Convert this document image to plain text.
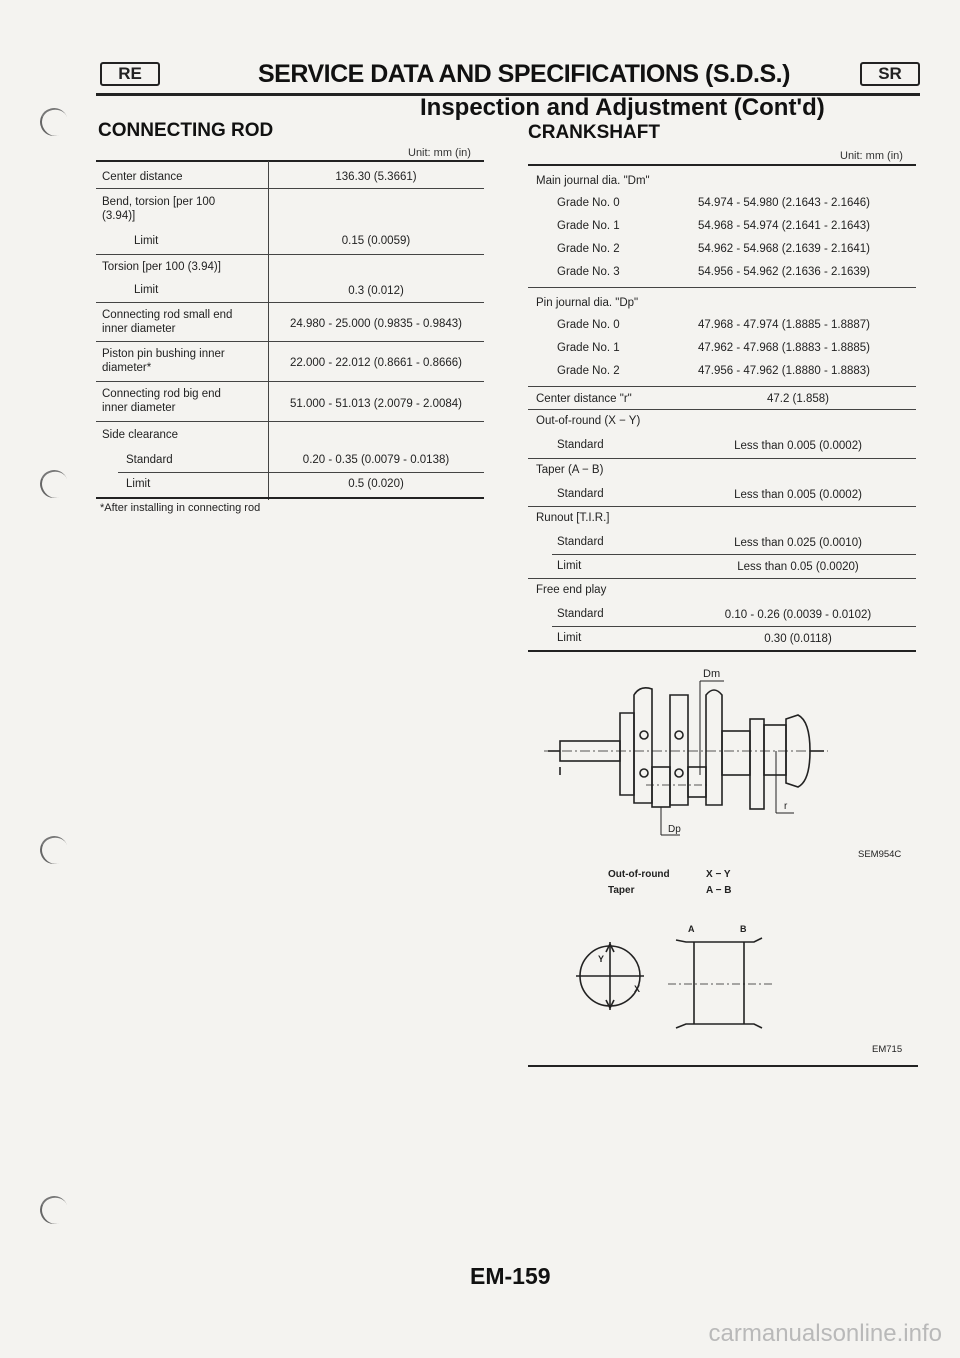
RE	SERVICE DATA AND SPECIFICATIONS (S.D.S.)	SR
Inspection and Adjustment (Cont'd)
CONNECTING ROD
Unit: mm (in)
Center distance	136.30 (5.3661)
Bend, torsion [per 100
(3.94)]
Limit	0.15 (0.0059)
Torsion [per 100 (3.94)]
Limit	0.3 (0.012)
Connecting rod small end
inner diameter	24.980 - 25.000 (0.9835 - 0.9843)
Piston pin bushing inner
diameter*	22.000 - 22.012 (0.8661 - 0.8666)
Connecting rod big end
inner diameter	51.000 - 51.013 (2.0079 - 2.0084)
Side clearance
Standard	0.20 - 0.35 (0.0079 - 0.0138)
Limit	0.5 (0.020)
*After installing in connecting rod
CRANKSHAFT
Unit: mm (in)
Main journal dia. "Dm"
Grade No. 0	54.974 - 54.980 (2.1643 - 2.1646)
Grade No. 1	54.968 - 54.974 (2.1641 - 2.1643)
Grade No. 2	54.962 - 54.968 (2.1639 - 2.1641)
Grade No. 3	54.956 - 54.962 (2.1636 - 2.1639)
Pin journal dia. "Dp"
Grade No. 0	47.968 - 47.974 (1.8885 - 1.8887)
Grade No. 1	47.962 - 47.968 (1.8883 - 1.8885)
Grade No. 2	47.956 - 47.962 (1.8880 - 1.8883)
Center distance "r"	47.2 (1.858)
Out-of-round (X − Y)
Standard	Less than 0.005 (0.0002)
Taper (A − B)
Standard	Less than 0.005 (0.0002)
Runout [T.I.R.]
Standard	Less than 0.025 (0.0010)
Limit	Less than 0.05 (0.0020)
Free end play
Standard	0.10 - 0.26 (0.0039 - 0.0102)
Limit	0.30 (0.0118)
Dm
r
Dp
SEM954C
Out-of-round	X − Y
Taper	A − B
Y
X
A	B
EM715
EM-159
carmanualsonline.info
